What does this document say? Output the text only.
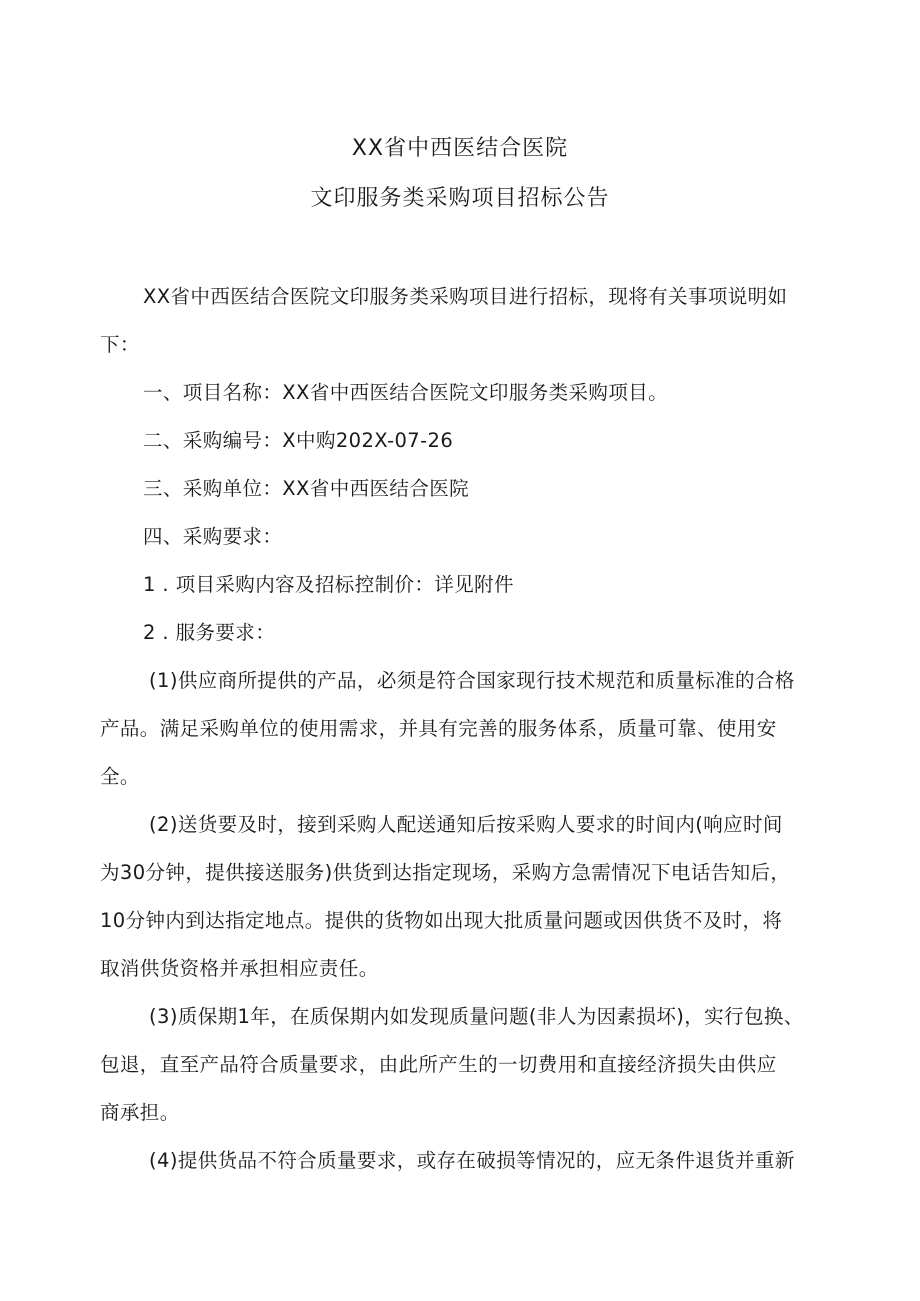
XX省中西医结合医院
文印服务类采购项目招标公告
XX省中西医结合医院文印服务类采购项目进行招标，现将有关事项说明如
下：
一、项目名称：XX省中西医结合医院文印服务类采购项目。
二、采购编号：X中购202X-07-26
三、采购单位：XX省中西医结合医院
四、采购要求：
1 . 项目采购内容及招标控制价：详见附件
2 . 服务要求：
(1)供应商所提供的产品，必须是符合国家现行技术规范和质量标准的合格
产品。满足采购单位的使用需求，并具有完善的服务体系，质量可靠、使用安
全。
(2)送货要及时，接到采购人配送通知后按采购人要求的时间内(响应时间
为30分钟，提供接送服务)供货到达指定现场，采购方急需情况下电话告知后，
10分钟内到达指定地点。提供的货物如出现大批质量问题或因供货不及时，将
取消供货资格并承担相应责任。
(3)质保期1年，在质保期内如发现质量问题(非人为因素损坏)，实行包换、
包退，直至产品符合质量要求，由此所产生的一切费用和直接经济损失由供应
商承担。
(4)提供货品不符合质量要求，或存在破损等情况的，应无条件退货并重新
